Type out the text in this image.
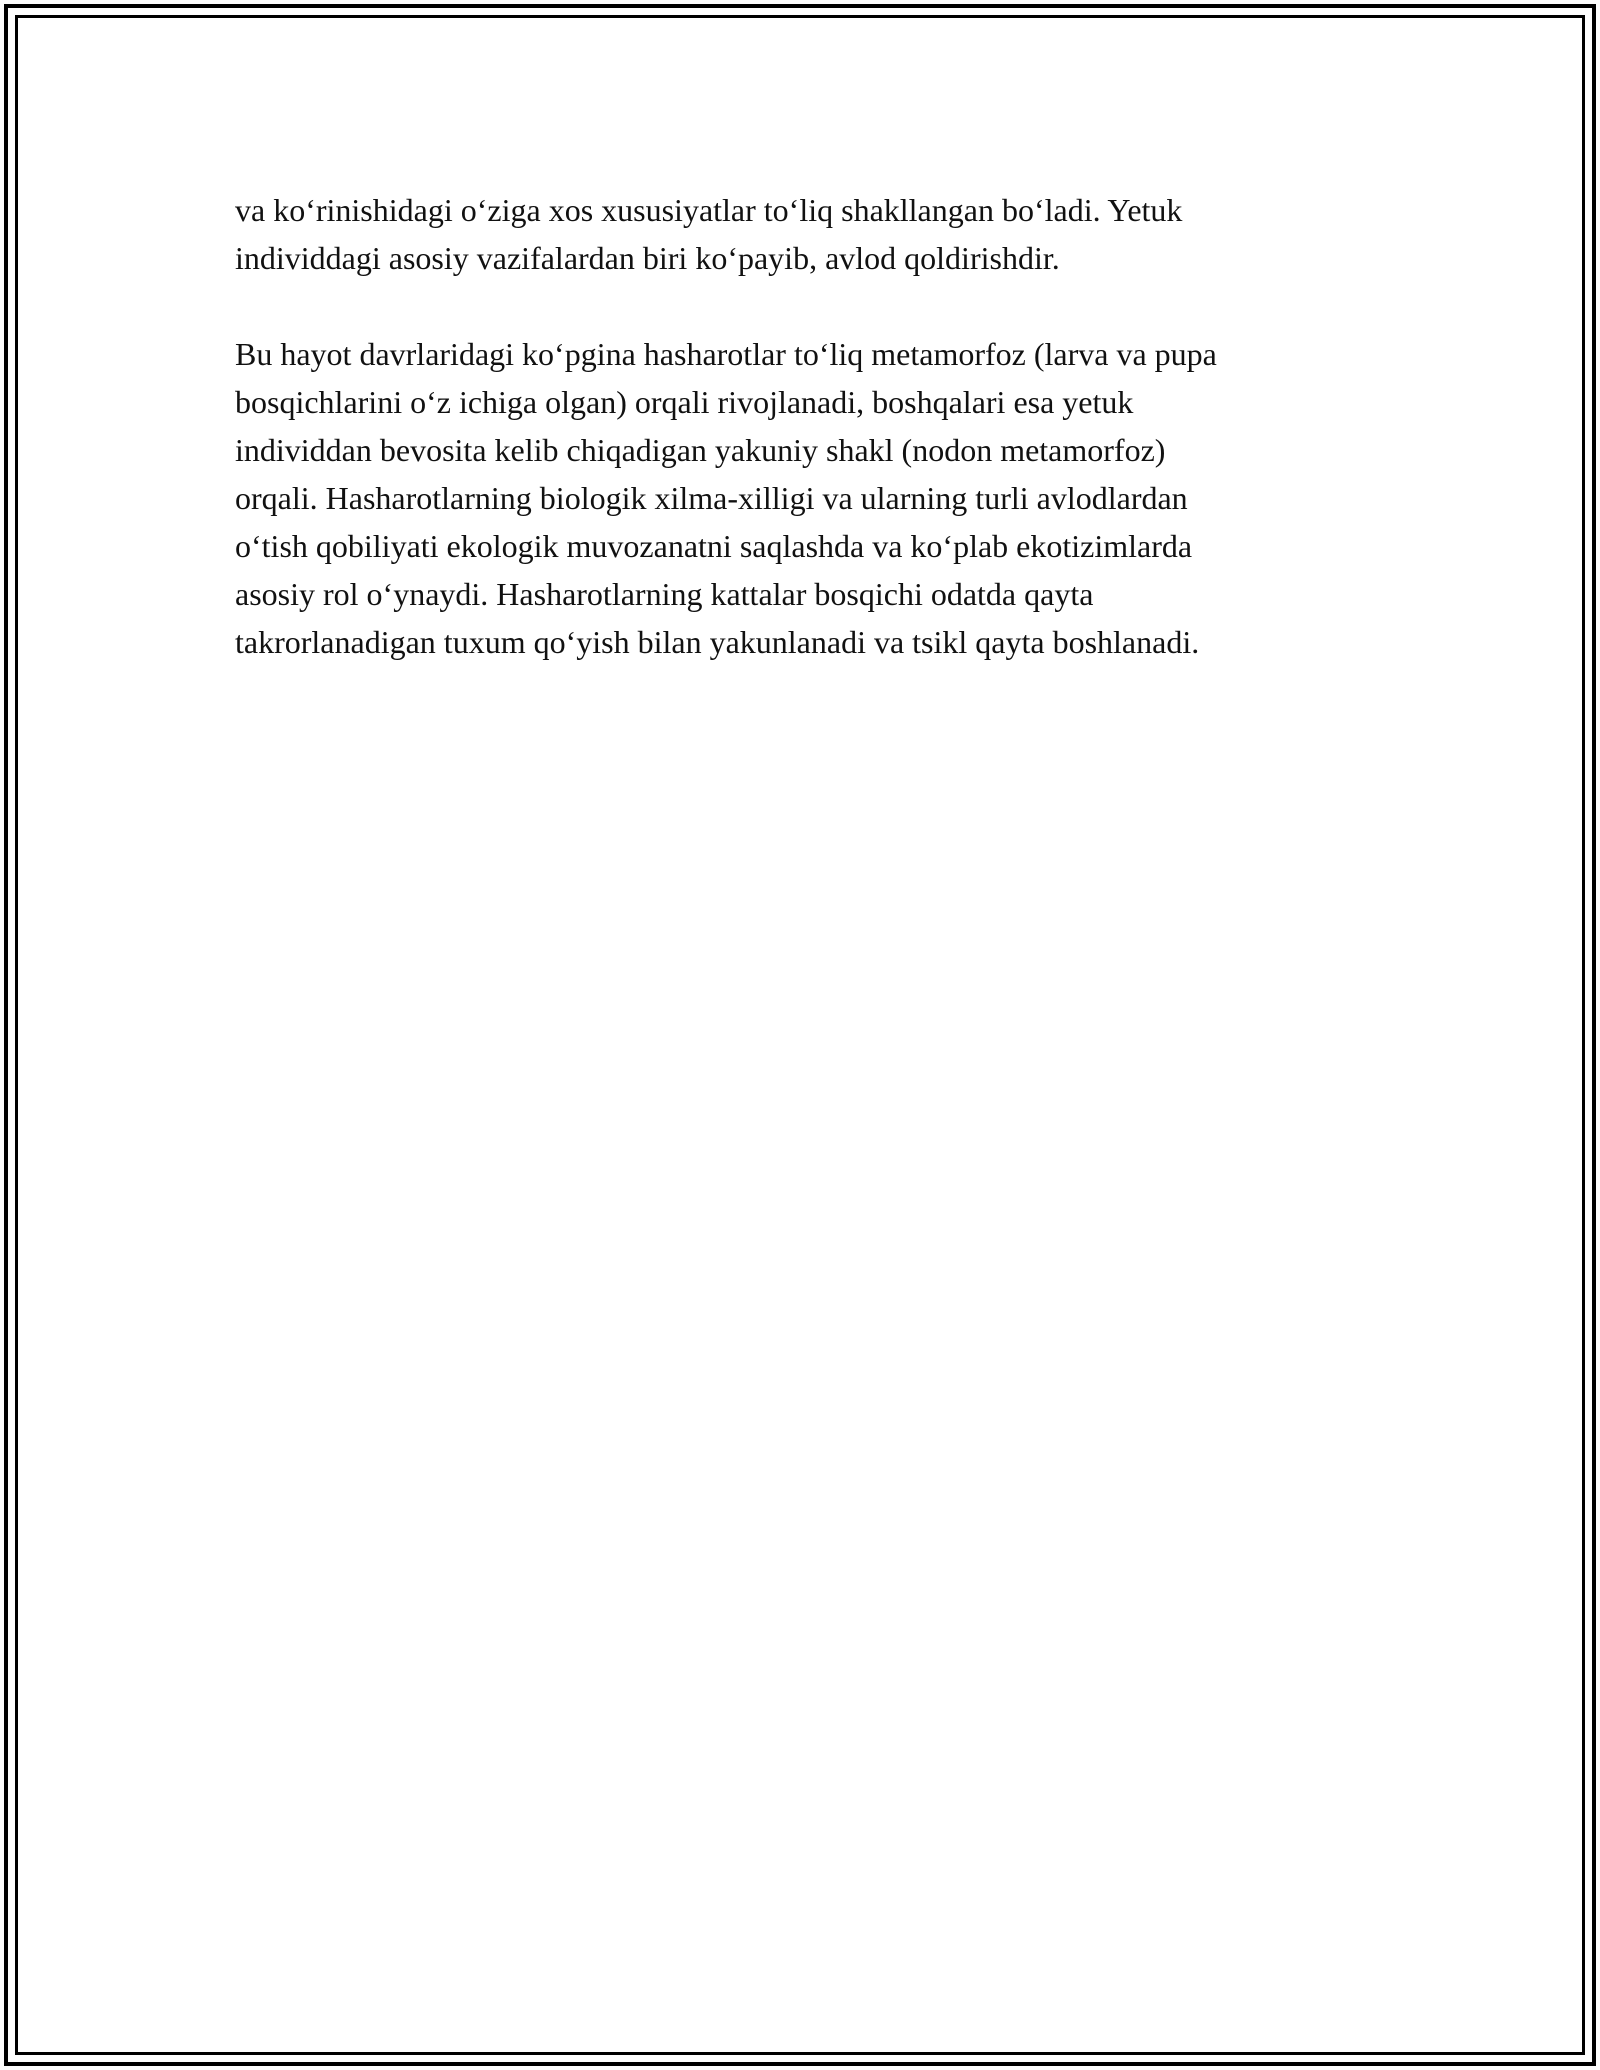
va koʻrinishidagi oʻziga xos xususiyatlar toʻliq shakllangan boʻladi. Yetuk
individdagi asosiy vazifalardan biri koʻpayib, avlod qoldirishdir.

Bu hayot davrlaridagi koʻpgina hasharotlar toʻliq metamorfoz (larva va pupa
bosqichlarini oʻz ichiga olgan) orqali rivojlanadi, boshqalari esa yetuk
individdan bevosita kelib chiqadigan yakuniy shakl (nodon metamorfoz)
orqali. Hasharotlarning biologik xilma-xilligi va ularning turli avlodlardan
oʻtish qobiliyati ekologik muvozanatni saqlashda va koʻplab ekotizimlarda
asosiy rol oʻynaydi. Hasharotlarning kattalar bosqichi odatda qayta
takrorlanadigan tuxum qoʻyish bilan yakunlanadi va tsikl qayta boshlanadi.
